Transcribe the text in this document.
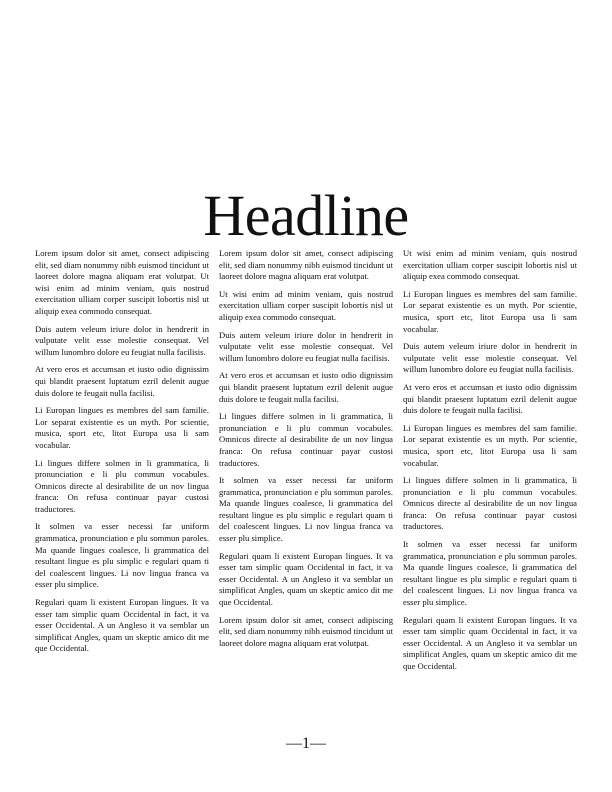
Headline

Lorem ipsum dolor sit amet, consect adipiscing elit, sed diam nonummy nibh euismod tincidunt ut laoreet dolore magna aliquam erat volutpat. Ut wisi enim ad minim veniam, quis nostrud exercitation ulliam corper suscipit lobortis nisl ut aliquip exea commodo consequat.

Duis autem veleum iriure dolor in hendrerit in vulputate velit esse molestie consequat. Vel willum lunombro dolore eu feugiat nulla facilisis.

At vero eros et accumsan et iusto odio dignissim qui blandit praesent luptatum ezril delenit augue duis dolore te feugait nulla facilisi.

Li Europan lingues es membres del sam familie. Lor separat existentie es un myth. Por scientie, musica, sport etc, litot Europa usa li sam vocabular.

Li lingues differe solmen in li grammatica, li pronunciation e li plu commun vocabules. Omnicos directe al desirabilite de un nov lingua franca: On refusa continuar payar custosi traductores.

It solmen va esser necessi far uniform grammatica, pronunciation e plu sommun paroles. Ma quande lingues coalesce, li grammatica del resultant lingue es plu simplic e regulari quam ti del coalescent lingues. Li nov lingua franca va esser plu simplice.

Regulari quam li existent Europan lingues. It va esser tam simplic quam Occidental in fact, it va esser Occidental. A un Angleso it va semblar un simplificat Angles, quam un skeptic amico dit me que Occidental.

Lorem ipsum dolor sit amet, consect adipiscing elit, sed diam nonummy nibh euismod tincidunt ut laoreet dolore magna aliquam erat volutpat.

Ut wisi enim ad minim veniam, quis nostrud exercitation ulliam corper suscipit lobortis nisl ut aliquip exea commodo consequat.

Duis autem veleum iriure dolor in hendrerit in vulputate velit esse molestie consequat. Vel willum lunombro dolore eu feugiat nulla facilisis.

At vero eros et accumsan et iusto odio dignissim qui blandit praesent luptatum ezril delenit augue duis dolore te feugait nulla facilisi.

Li lingues differe solmen in li grammatica, li pronunciation e li plu commun vocabules. Omnicos directe al desirabilite de un nov lingua franca: On refusa continuar payar custosi traductores.

It solmen va esser necessi far uniform grammatica, pronunciation e plu sommun paroles. Ma quande lingues coalesce, li grammatica del resultant lingue es plu simplic e regulari quam ti del coalescent lingues. Li nov lingua franca va esser plu simplice.

Regulari quam li existent Europan lingues. It va esser tam simplic quam Occidental in fact, it va esser Occidental. A un Angleso it va semblar un simplificat Angles, quam un skeptic amico dit me que Occidental.

Lorem ipsum dolor sit amet, consect adipiscing elit, sed diam nonummy nibh euismod tincidunt ut laoreet dolore magna aliquam erat volutpat.

Ut wisi enim ad minim veniam, quis nostrud exercitation ulliam corper suscipit lobortis nisl ut aliquip exea commodo consequat.

Li Europan lingues es membres del sam familie. Lor separat existentie es un myth. Por scientie, musica, sport etc, litot Europa usa li sam vocabular.

Duis autem veleum iriure dolor in hendrerit in vulputate velit esse molestie consequat. Vel willum lunombro dolore eu feugiat nulla facilisis.

At vero eros et accumsan et iusto odio dignissim qui blandit praesent luptatum ezril delenit augue duis dolore te feugait nulla facilisi.

Li Europan lingues es membres del sam familie. Lor separat existentie es un myth. Por scientie, musica, sport etc, litot Europa usa li sam vocabular.

Li lingues differe solmen in li grammatica, li pronunciation e li plu commun vocabules. Omnicos directe al desirabilite de un nov lingua franca: On refusa continuar payar custosi traductores.

It solmen va esser necessi far uniform grammatica, pronunciation e plu sommun paroles. Ma quande lingues coalesce, li grammatica del resultant lingue es plu simplic e regulari quam ti del coalescent lingues. Li nov lingua franca va esser plu simplice.

Regulari quam li existent Europan lingues. It va esser tam simplic quam Occidental in fact, it va esser Occidental. A un Angleso it va semblar un simplificat Angles, quam un skeptic amico dit me que Occidental.

—1—
